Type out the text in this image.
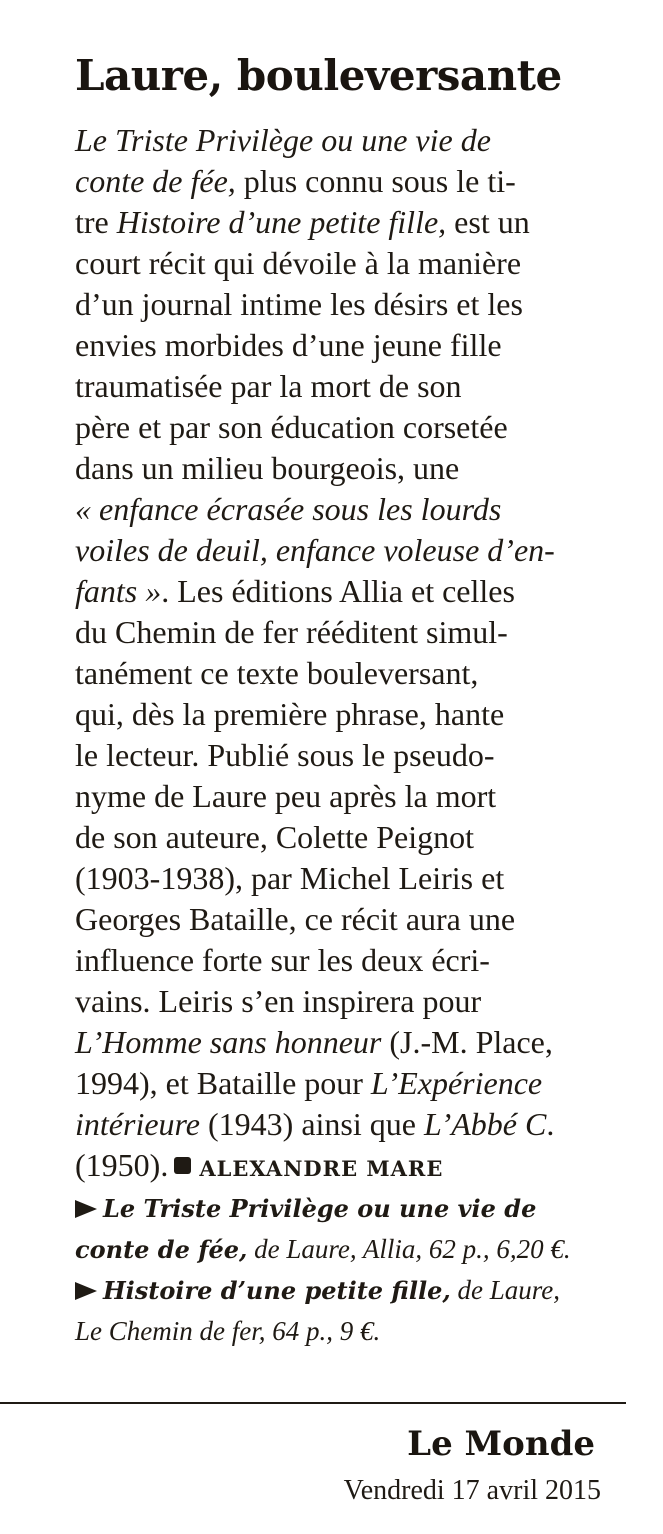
Laure, bouleversante
Le Triste Privilège ou une vie de
conte de fée, plus connu sous le ti-
tre Histoire d’une petite fille, est un
court récit qui dévoile à la manière
d’un journal intime les désirs et les
envies morbides d’une jeune fille
traumatisée par la mort de son
père et par son éducation corsetée
dans un milieu bourgeois, une
« enfance écrasée sous les lourds
voiles de deuil, enfance voleuse d’en-
fants ». Les éditions Allia et celles
du Chemin de fer rééditent simul-
tanément ce texte bouleversant,
qui, dès la première phrase, hante
le lecteur. Publié sous le pseudo-
nyme de Laure peu après la mort
de son auteure, Colette Peignot
(1903-1938), par Michel Leiris et
Georges Bataille, ce récit aura une
influence forte sur les deux écri-
vains. Leiris s’en inspirera pour
L’Homme sans honneur (J.-M. Place,
1994), et Bataille pour L’Expérience
intérieure (1943) ainsi que L’Abbé C.
(1950). ALEXANDRE MARE
Le Triste Privilège ou une vie de
conte de fée, de Laure, Allia, 62 p., 6,20 €.
Histoire d’une petite fille, de Laure,
Le Chemin de fer, 64 p., 9 €.
Le Monde
Vendredi 17 avril 2015
